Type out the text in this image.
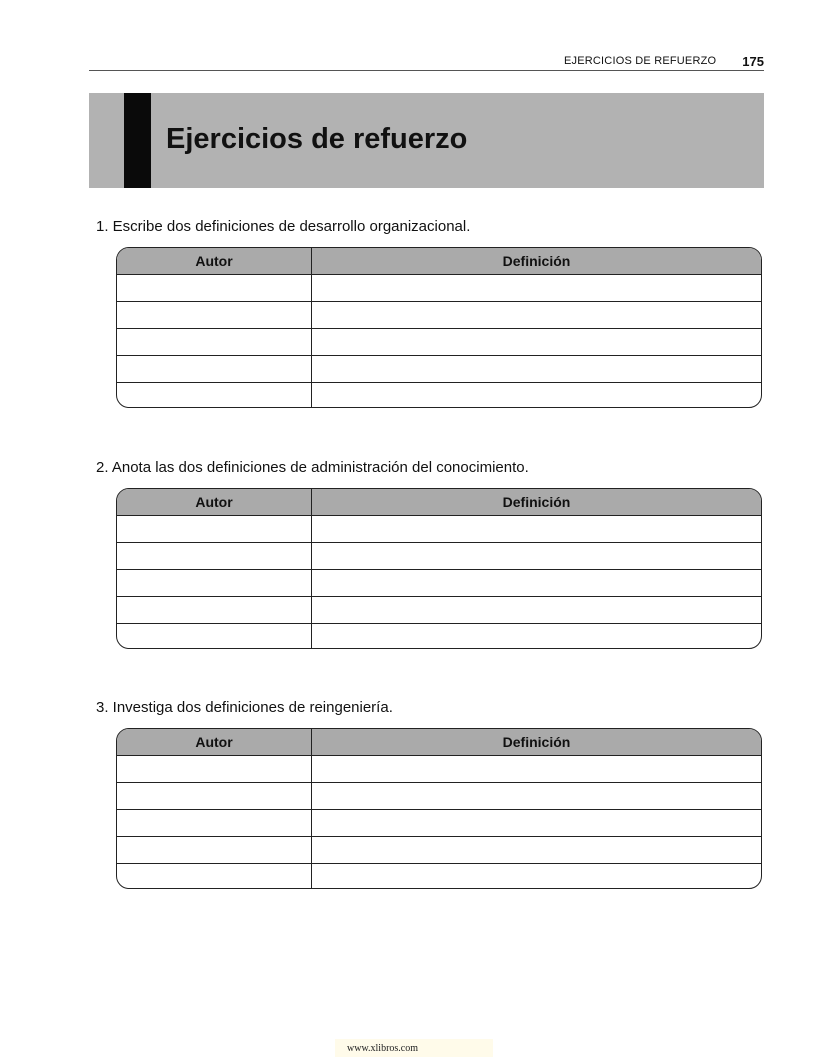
EJERCICIOS DE REFUERZO 175
Ejercicios de refuerzo
1. Escribe dos definiciones de desarrollo organizacional.
Autor	Definición
2. Anota las dos definiciones de administración del conocimiento.
Autor	Definición
3. Investiga dos definiciones de reingeniería.
Autor	Definición
www.xlibros.com
